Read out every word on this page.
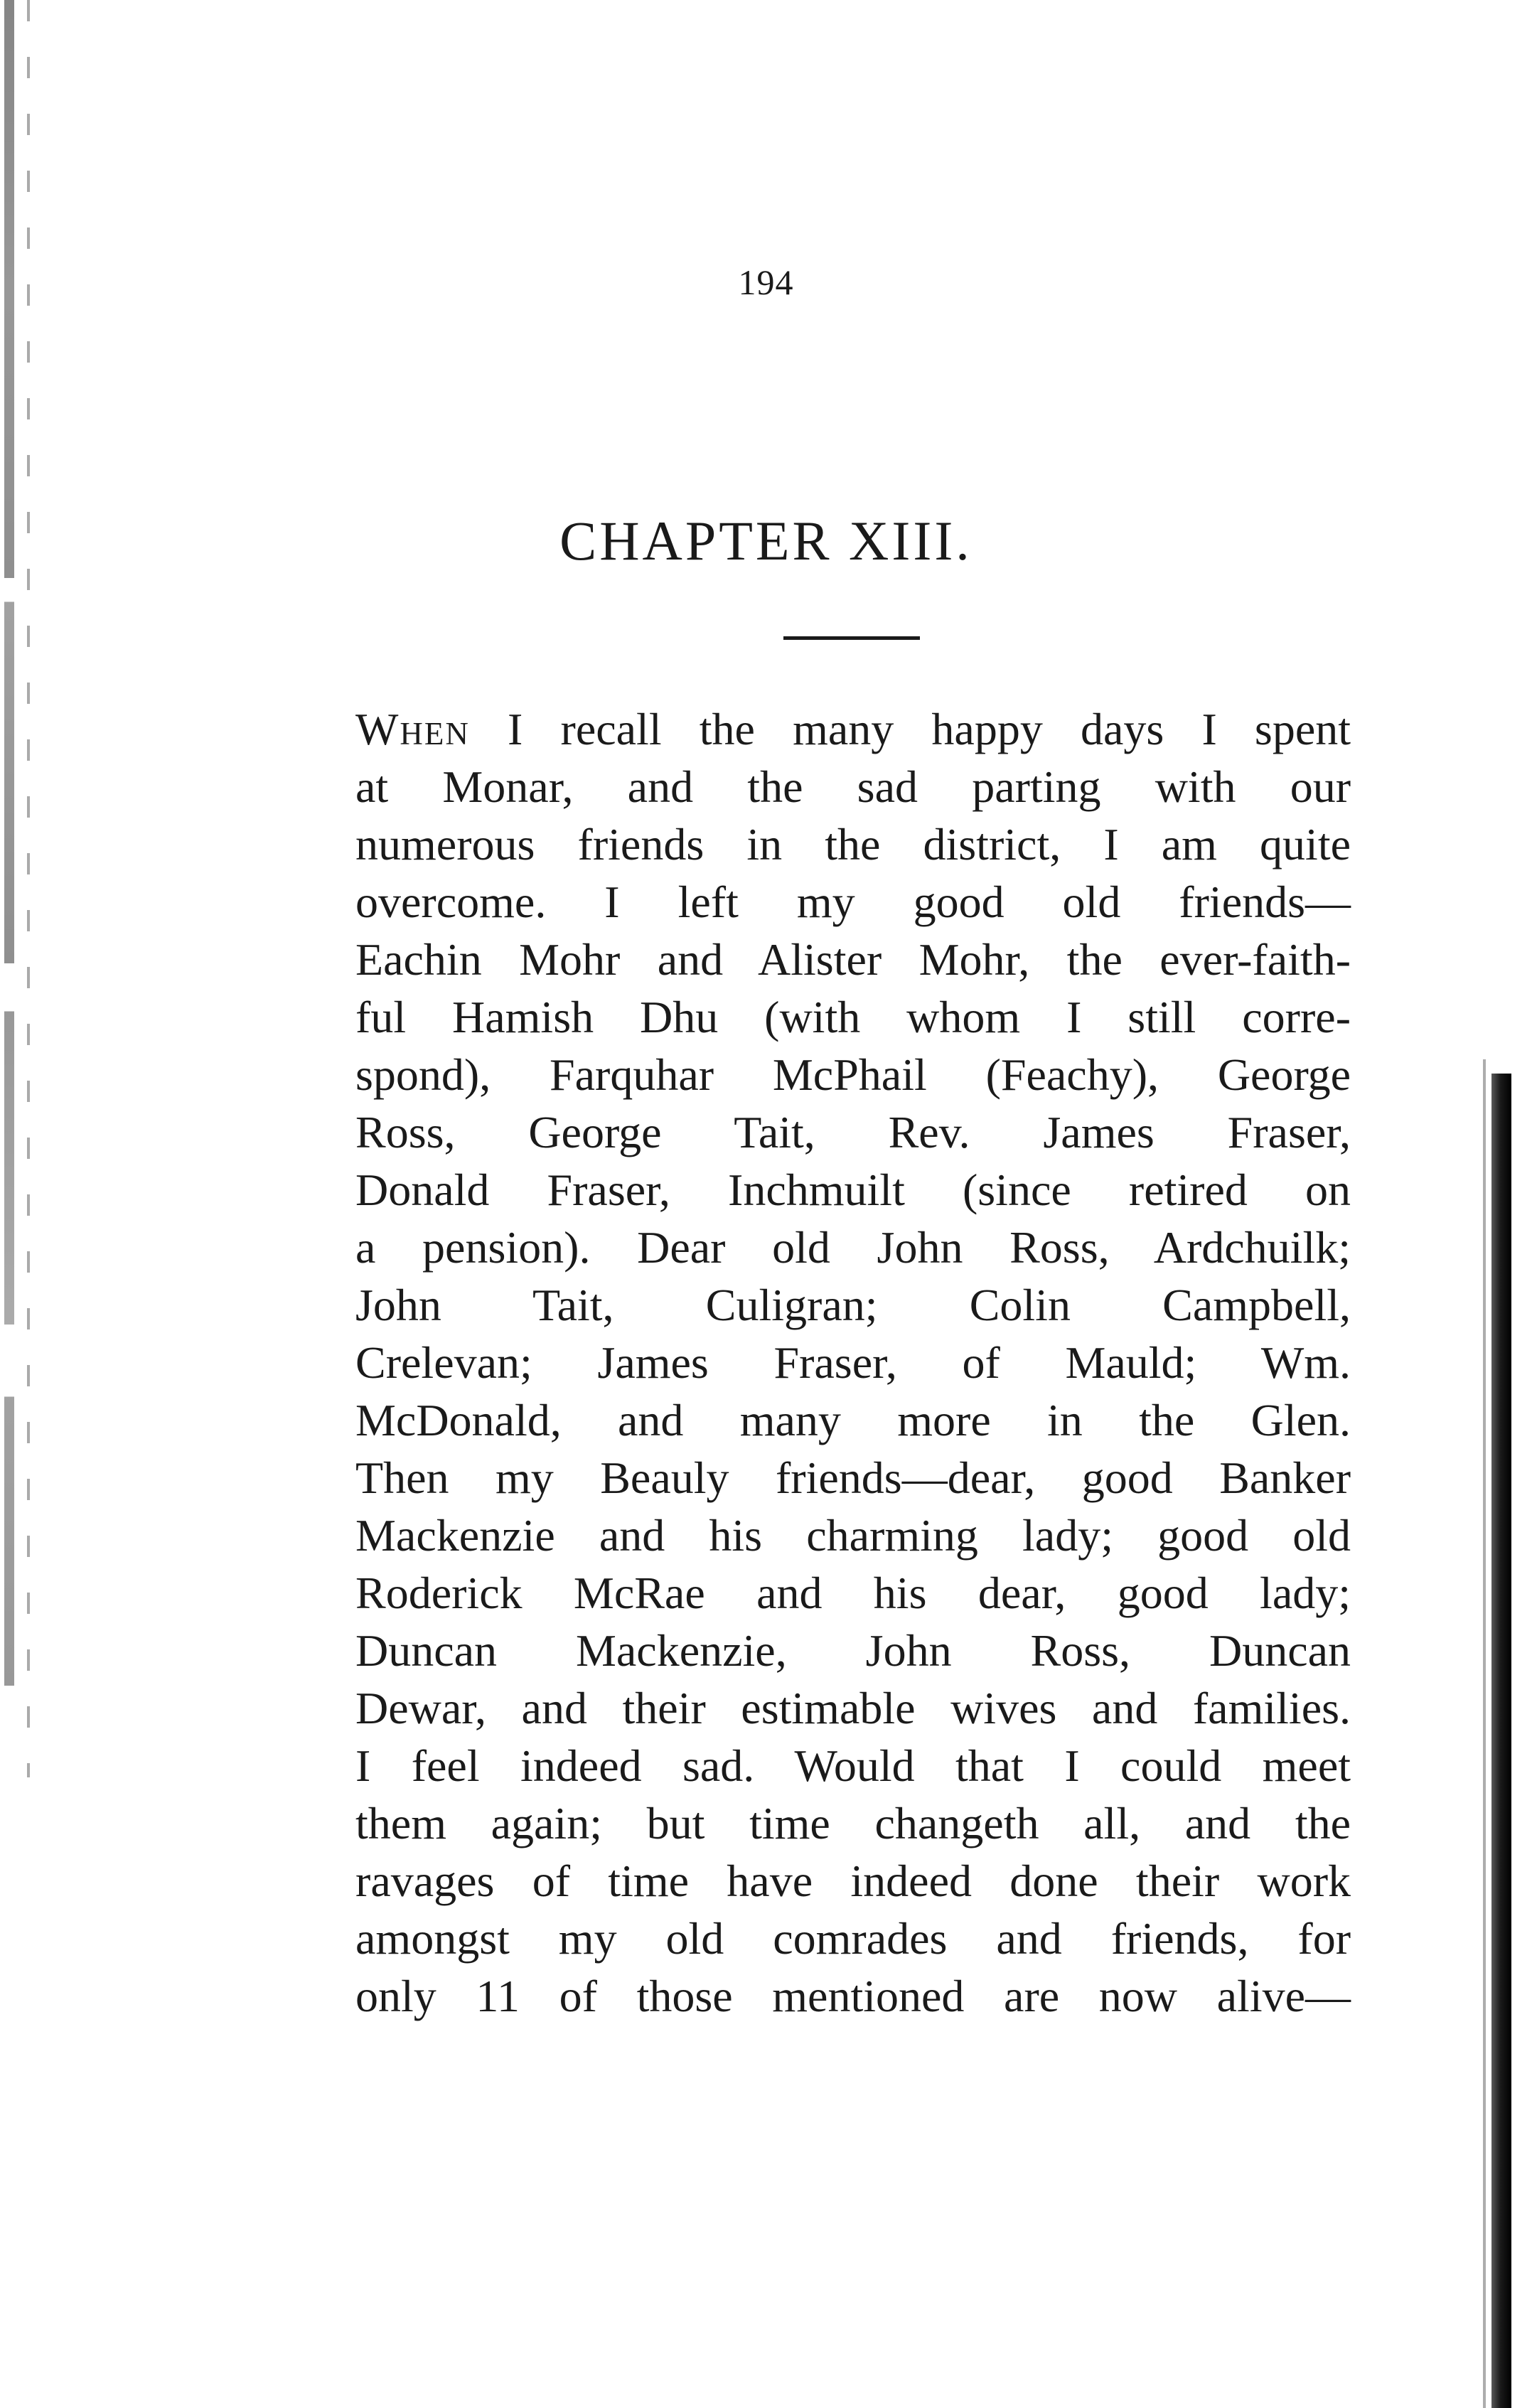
194
CHAPTER XIII.
When I recall the many happy days I spent
at Monar, and the sad parting with our
numerous friends in the district, I am quite
overcome. I left my good old friends—
Eachin Mohr and Alister Mohr, the ever-faith-
ful Hamish Dhu (with whom I still corre-
spond), Farquhar McPhail (Feachy), George
Ross, George Tait, Rev. James Fraser,
Donald Fraser, Inchmuilt (since retired on
a pension). Dear old John Ross, Ardchuilk;
John Tait, Culigran; Colin Campbell,
Crelevan; James Fraser, of Mauld; Wm.
McDonald, and many more in the Glen.
Then my Beauly friends—dear, good Banker
Mackenzie and his charming lady; good old
Roderick McRae and his dear, good lady;
Duncan Mackenzie, John Ross, Duncan
Dewar, and their estimable wives and families.
I feel indeed sad. Would that I could meet
them again; but time changeth all, and the
ravages of time have indeed done their work
amongst my old comrades and friends, for
only 11 of those mentioned are now alive—
